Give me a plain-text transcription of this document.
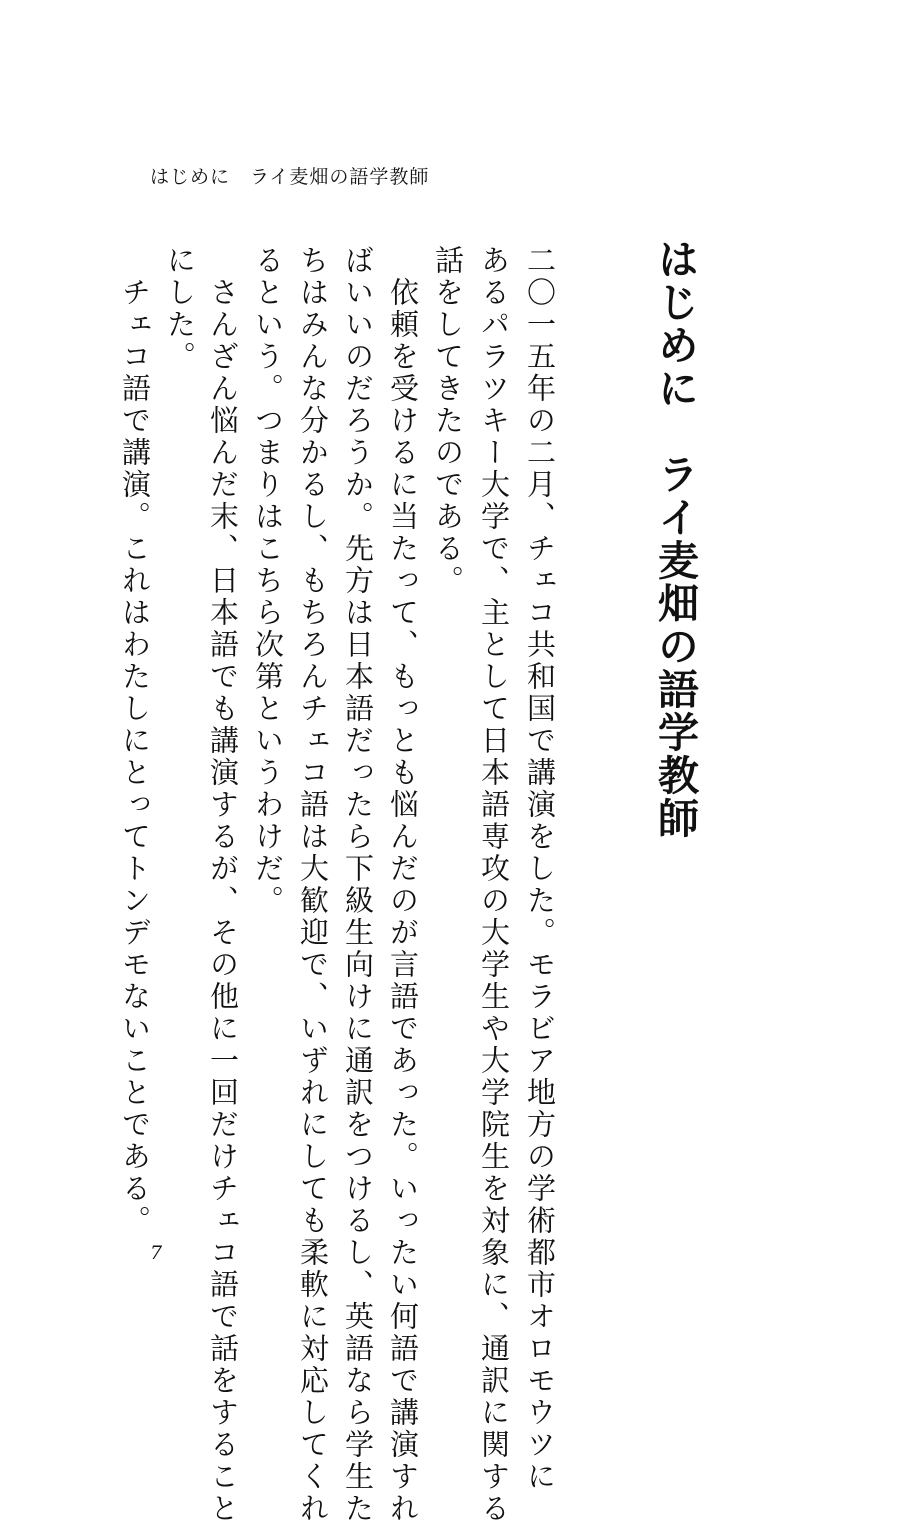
はじめに　ライ麦畑の語学教師
はじめに　ライ麦畑の語学教師
二〇一五年の二月、チェコ共和国で講演をした。モラビア地方の学術都市オロモウツに
あるパラツキー大学で、主として日本語専攻の大学生や大学院生を対象に、通訳に関する
話をしてきたのである。
　依頼を受けるに当たって、もっとも悩んだのが言語であった。いったい何語で講演すれ
ばいいのだろうか。先方は日本語だったら下級生向けに通訳をつけるし、英語なら学生た
ちはみんな分かるし、もちろんチェコ語は大歓迎で、いずれにしても柔軟に対応してくれ
るという。つまりはこちら次第というわけだ。
　さんざん悩んだ末、日本語でも講演するが、その他に一回だけチェコ語で話をすること
にした。
　チェコ語で講演。これはわたしにとってトンデモないことである。
7
